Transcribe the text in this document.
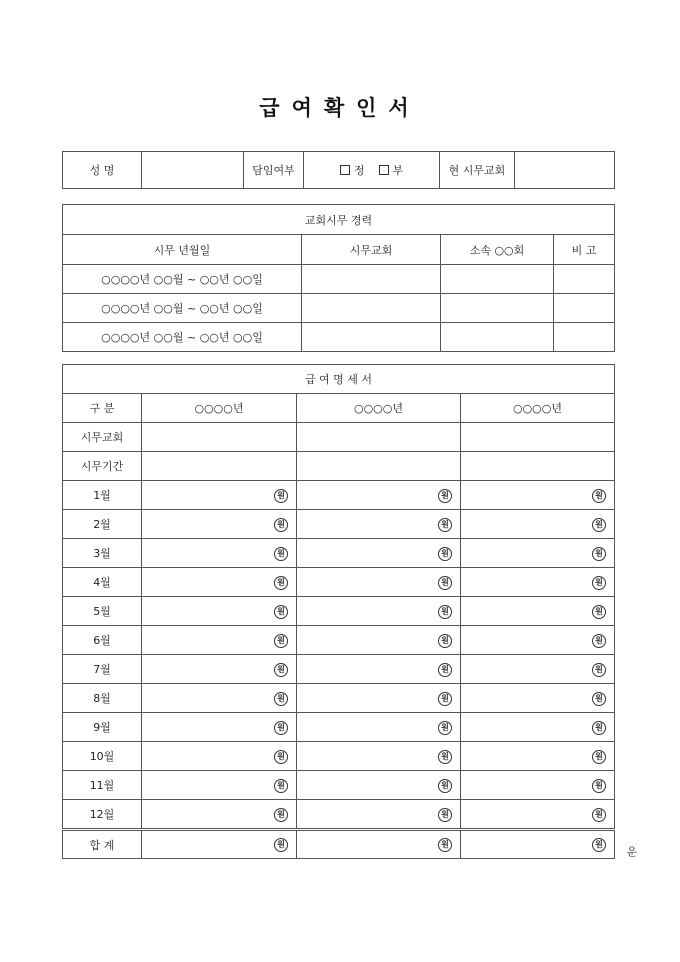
급여확인서
성 명		담임여부	정	부	현 시무교회	
교회시무 경력			
시무 년월일	시무교회	소속 ○○회	비 고
○○○○년 ○○월 ~ ○○년 ○○일			
○○○○년 ○○월 ~ ○○년 ○○일			
○○○○년 ○○월 ~ ○○년 ○○일			
급 여 명 세 서			
구 분	○○○○년	○○○○년	○○○○년
시무교회			
시무기간			
1월	원	원	원
2월	원	원	원
3월	원	원	원
4월	원	원	원
5월	원	원	원
6월	원	원	원
7월	원	원	원
8월	원	원	원
9월	원	원	원
10월	원	원	원
11월	원	원	원
12월	원	원	원
합 계	원	원	원
운
